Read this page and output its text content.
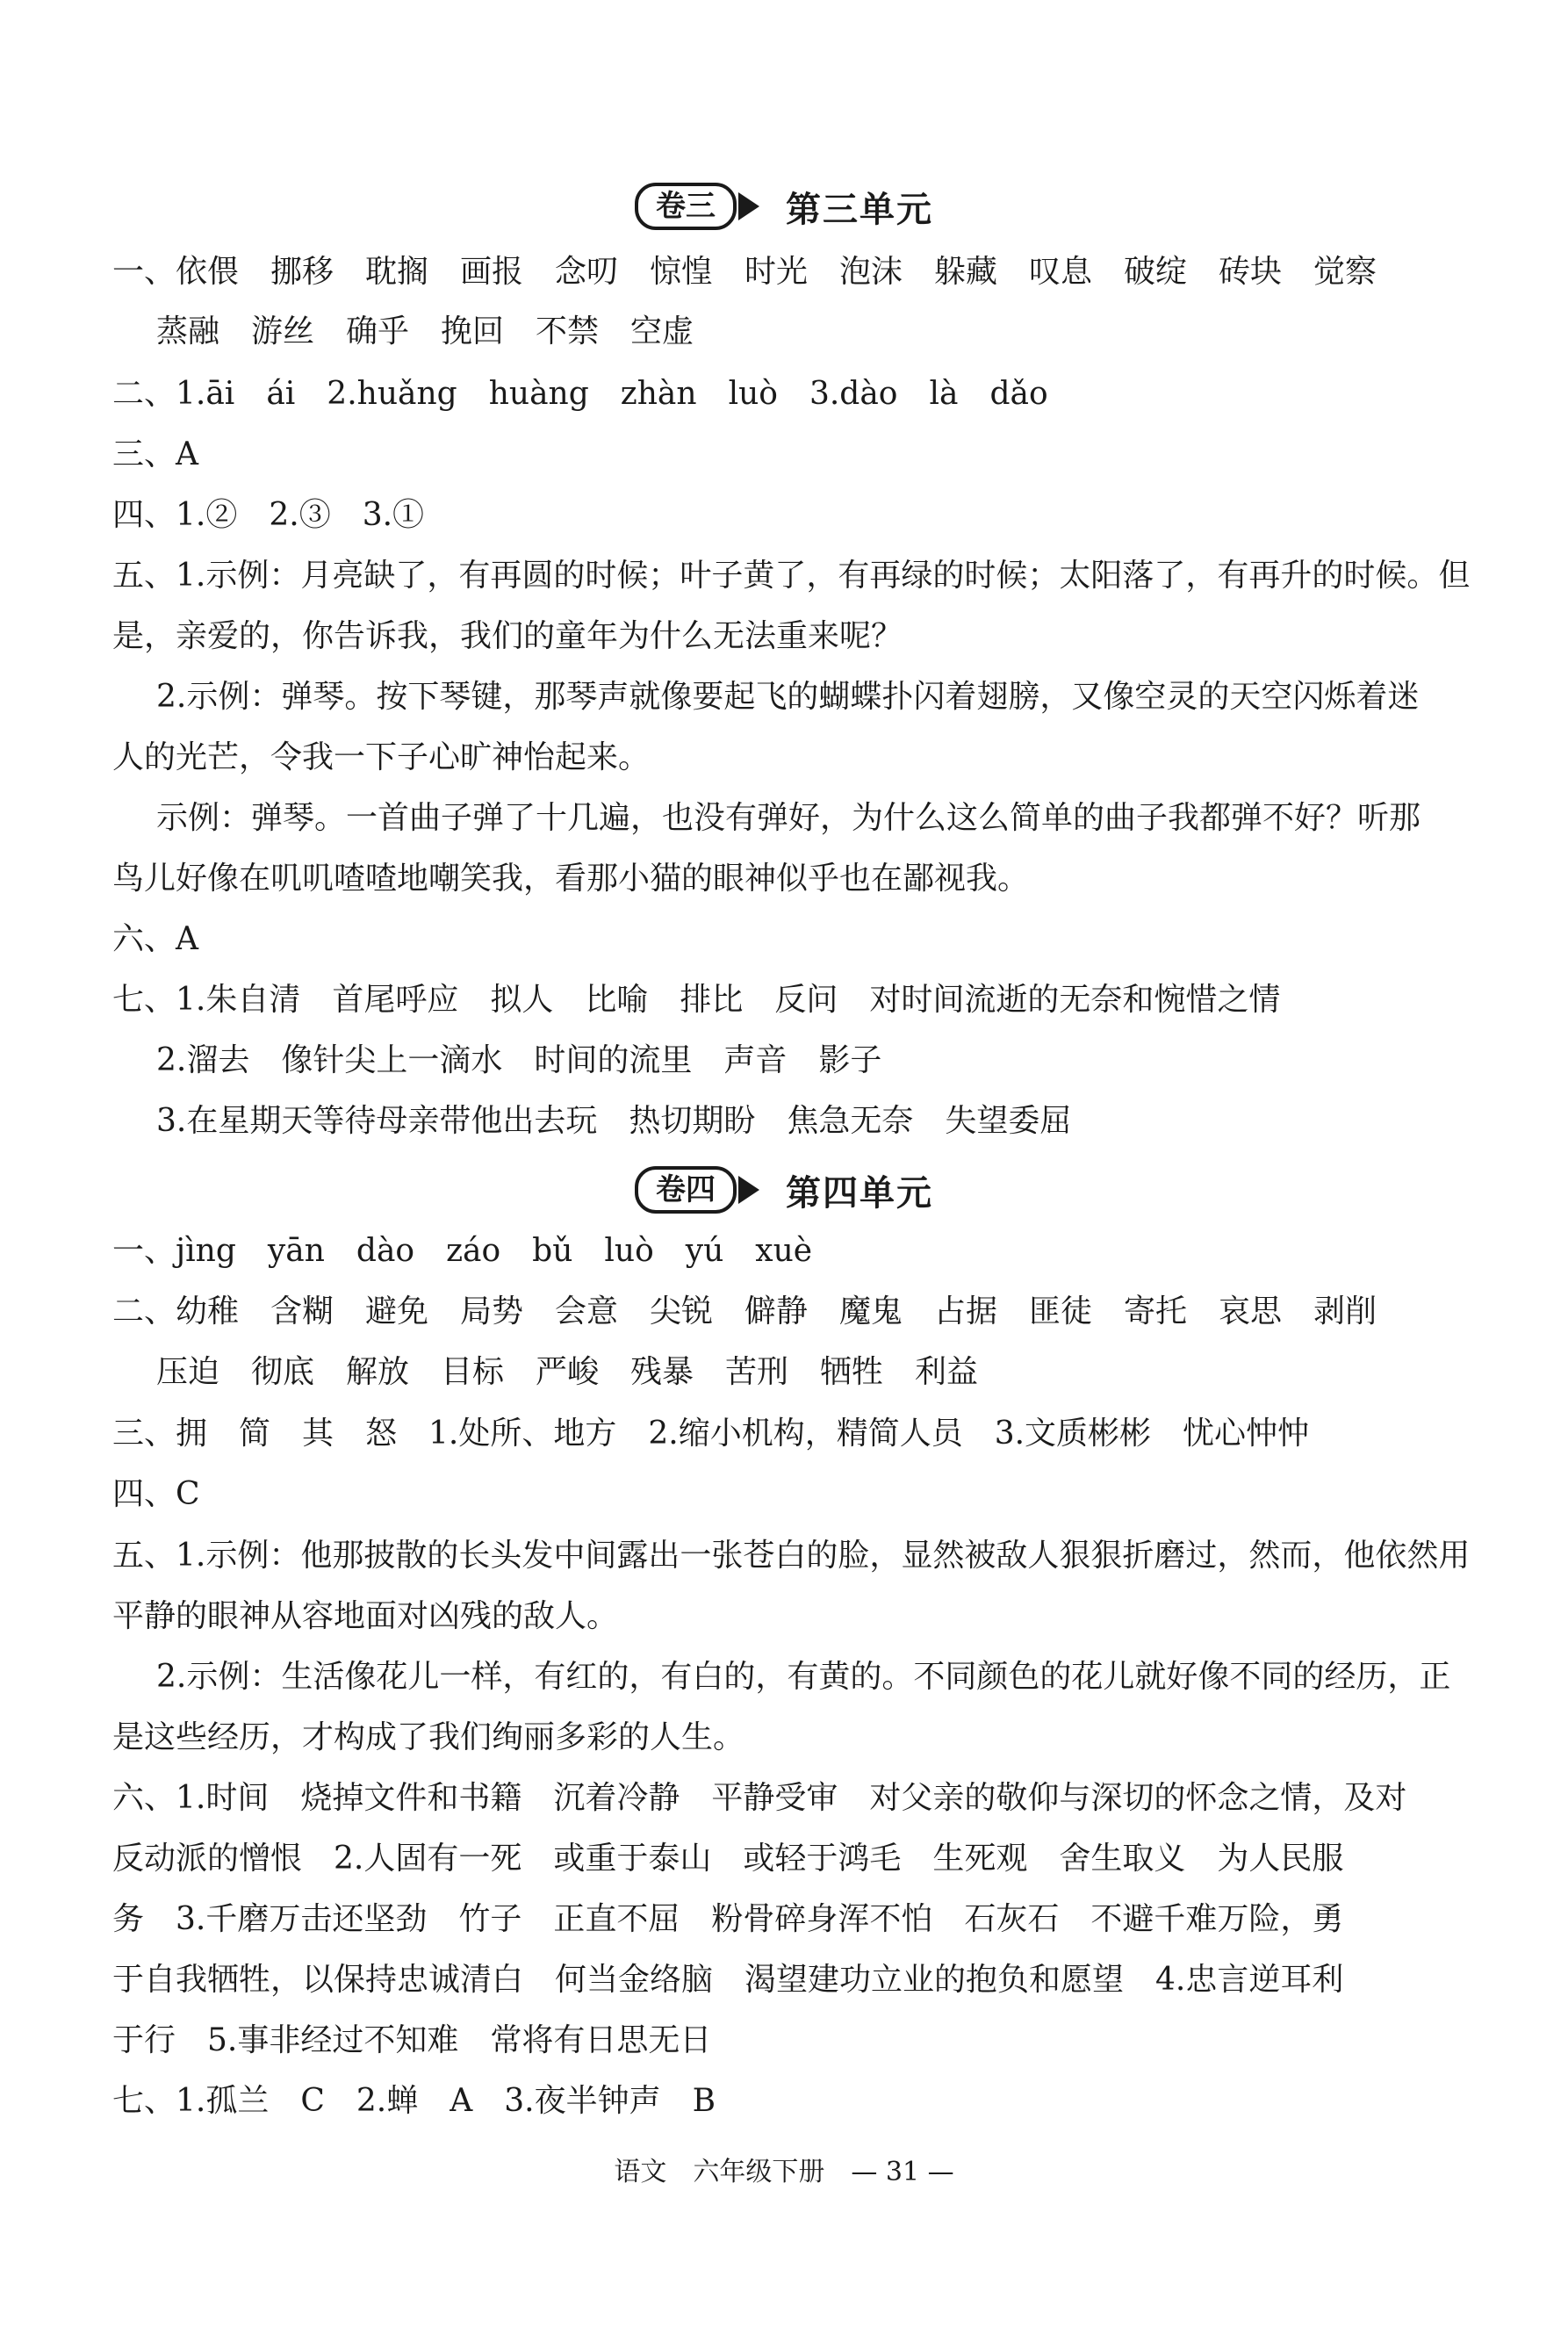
卷三	第三单元
一、依偎　挪移　耽搁　画报　念叨　惊惶　时光　泡沫　躲藏　叹息　破绽　砖块　觉察
蒸融　游丝　确乎　挽回　不禁　空虚
二、1.āi　ái　2.huǎng　huàng　zhàn　luò　3.dào　là　dǎo
三、A
四、1.②　2.③　3.①
五、1.示例：月亮缺了，有再圆的时候；叶子黄了，有再绿的时候；太阳落了，有再升的时候。但
是，亲爱的，你告诉我，我们的童年为什么无法重来呢？
2.示例：弹琴。按下琴键，那琴声就像要起飞的蝴蝶扑闪着翅膀，又像空灵的天空闪烁着迷
人的光芒，令我一下子心旷神怡起来。
示例：弹琴。一首曲子弹了十几遍，也没有弹好，为什么这么简单的曲子我都弹不好？听那
鸟儿好像在叽叽喳喳地嘲笑我，看那小猫的眼神似乎也在鄙视我。
六、A
七、1.朱自清　首尾呼应　拟人　比喻　排比　反问　对时间流逝的无奈和惋惜之情
2.溜去　像针尖上一滴水　时间的流里　声音　影子
3.在星期天等待母亲带他出去玩　热切期盼　焦急无奈　失望委屈
卷四	第四单元
一、jìng　yān　dào　záo　bǔ　luò　yú　xuè
二、幼稚　含糊　避免　局势　会意　尖锐　僻静　魔鬼　占据　匪徒　寄托　哀思　剥削
压迫　彻底　解放　目标　严峻　残暴　苦刑　牺牲　利益
三、拥　简　其　怒　1.处所、地方　2.缩小机构，精简人员　3.文质彬彬　忧心忡忡
四、C
五、1.示例：他那披散的长头发中间露出一张苍白的脸，显然被敌人狠狠折磨过，然而，他依然用
平静的眼神从容地面对凶残的敌人。
2.示例：生活像花儿一样，有红的，有白的，有黄的。不同颜色的花儿就好像不同的经历，正
是这些经历，才构成了我们绚丽多彩的人生。
六、1.时间　烧掉文件和书籍　沉着冷静　平静受审　对父亲的敬仰与深切的怀念之情，及对
反动派的憎恨　2.人固有一死　或重于泰山　或轻于鸿毛　生死观　舍生取义　为人民服
务　3.千磨万击还坚劲　竹子　正直不屈　粉骨碎身浑不怕　石灰石　不避千难万险，勇
于自我牺牲，以保持忠诚清白　何当金络脑　渴望建功立业的抱负和愿望　4.忠言逆耳利
于行　5.事非经过不知难　常将有日思无日
七、1.孤兰　C　2.蝉　A　3.夜半钟声　B
语文　六年级下册　— 31 —
